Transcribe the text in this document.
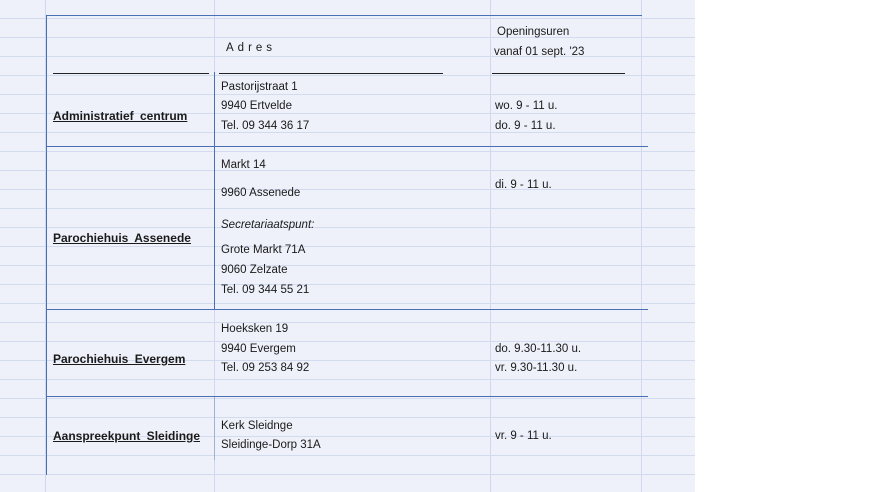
Adres
Openingsuren
vanaf 01 sept. '23
Administratief centrum
Pastorijstraat 1
9940 Ertvelde
Tel. 09 344 36 17
wo. 9 - 11 u.
do. 9 - 11 u.
Parochiehuis Assenede
Markt 14
9960 Assenede
Secretariaatspunt:
Grote Markt 71A
9060 Zelzate
Tel. 09 344 55 21
di. 9 - 11 u.
Parochiehuis Evergem
Hoeksken 19
9940 Evergem
Tel. 09 253 84 92
do. 9.30-11.30 u.
vr. 9.30-11.30 u.
Aanspreekpunt Sleidinge
Kerk Sleidnge
Sleidinge-Dorp 31A
vr. 9 - 11 u.
